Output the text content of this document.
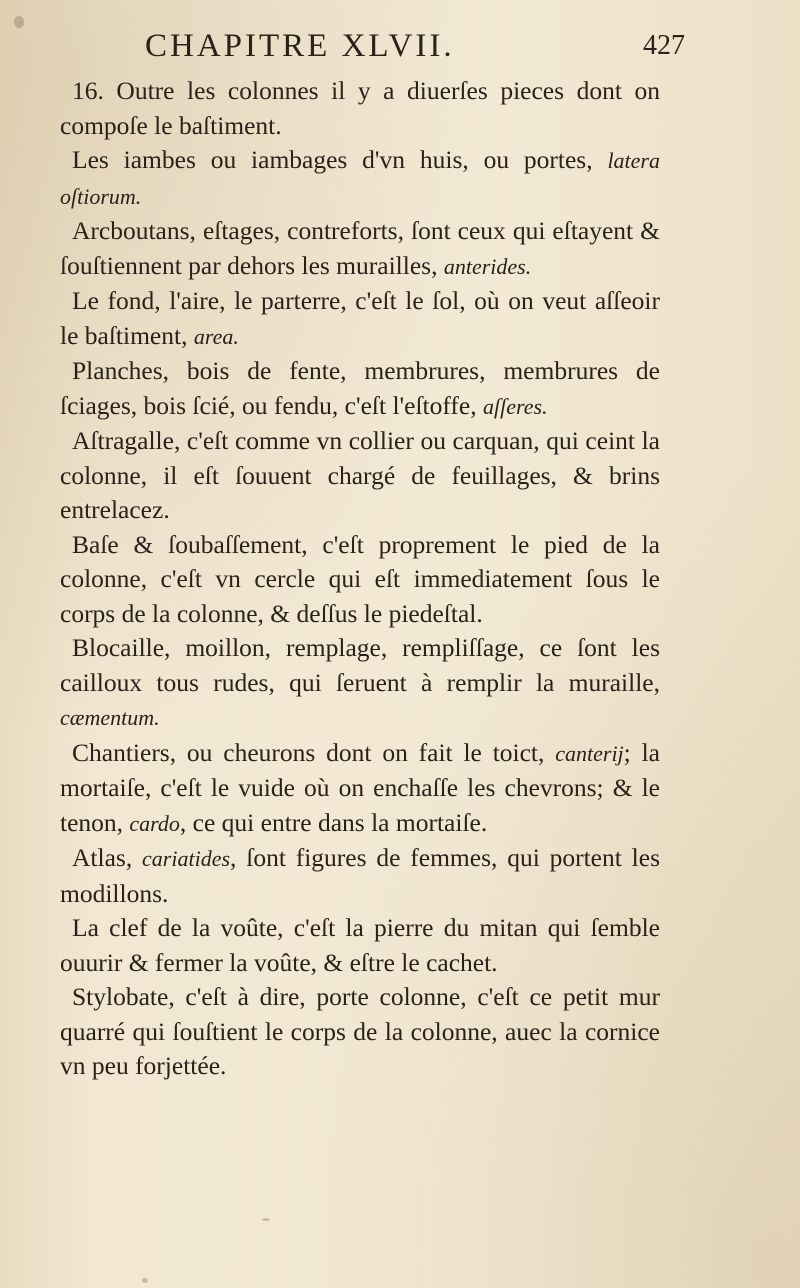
CHAPITRE XLVII.	427

16. Outre les colonnes il y a diuerſes pieces dont on compoſe le baſtiment.

Les iambes ou iambages d'vn huis, ou portes, latera oſtiorum.

Arcboutans, eſtages, contreforts, ſont ceux qui eſtayent & ſouſtiennent par dehors les murailles, anterides.

Le fond, l'aire, le parterre, c'eſt le ſol, où on veut aſſeoir le baſtiment, area.

Planches, bois de fente, membrures, membrures de ſciages, bois ſcié, ou fendu, c'eſt l'eſtoffe, aſſeres.

Aſtragalle, c'eſt comme vn collier ou carquan, qui ceint la colonne, il eſt ſouuent chargé de feuillages, & brins entrelacez.

Baſe & ſoubaſſement, c'eſt proprement le pied de la colonne, c'eſt vn cercle qui eſt immediatement ſous le corps de la colonne, & deſſus le piedeſtal.

Blocaille, moillon, remplage, rempliſſage, ce ſont les cailloux tous rudes, qui ſeruent à remplir la muraille, cæmentum.

Chantiers, ou cheurons dont on fait le toict, canterij; la mortaiſe, c'eſt le vuide où on enchaſſe les chevrons; & le tenon, cardo, ce qui entre dans la mortaiſe.

Atlas, cariatides, ſont figures de femmes, qui portent les modillons.

La clef de la voûte, c'eſt la pierre du mitan qui ſemble ouurir & fermer la voûte, & eſtre le cachet.

Stylobate, c'eſt à dire, porte colonne, c'eſt ce petit mur quarré qui ſouſtient le corps de la colonne, auec la cornice vn peu forjettée.
